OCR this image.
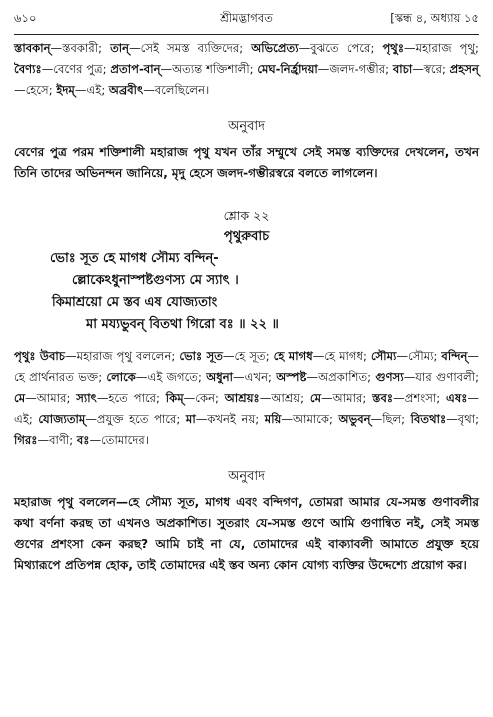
৬১০	শ্রীমদ্ভাগবত	[স্কন্ধ ৪, অধ্যায় ১৫
স্তাবকান্—স্তবকারী; তান্—সেই সমস্ত ব্যক্তিদের; অভিপ্রেত্য—বুঝতে পেরে; পৃথুঃ—মহারাজ পৃথু; বৈণ্যঃ—বেণের পুত্র; প্রতাপ-বান্—অত্যন্ত শক্তিশালী; মেঘ-নির্হ্রাদয়া—জলদ-গম্ভীর; বাচা—স্বরে; প্রহসন্—হেসে; ইদম্—এই; অব্রবীৎ—বলেছিলেন।
অনুবাদ
বেণের পুত্র পরম শক্তিশালী মহারাজ পৃথু যখন তাঁর সম্মুখে সেই সমস্ত ব্যক্তিদের দেখলেন, তখন তিনি তাদের অভিনন্দন জানিয়ে, মৃদু হেসে জলদ-গম্ভীরস্বরে বলতে লাগলেন।
শ্লোক ২২
পৃথুরুবাচ
ভোঃ সূত হে মাগধ সৌম্য বন্দিন্-
ল্লোকেঽধুনাস্পষ্টগুণস্য মে স্যাৎ ।
কিমাশ্রয়ো মে স্তব এষ যোজ্যতাং
মা ময্যভুবন্ বিতথা গিরো বঃ ॥ ২২ ॥
পৃথুঃ উবাচ—মহারাজ পৃথু বললেন; ভোঃ সূত—হে সূত; হে মাগধ—হে মাগধ; সৌম্য—সৌম্য; বন্দিন্—হে প্রার্থনারত ভক্ত; লোকে—এই জগতে; অধুনা—এখন; অস্পষ্ট—অপ্রকাশিত; গুণস্য—যার গুণাবলী; মে—আমার; স্যাৎ—হতে পারে; কিম্—কেন; আশ্রয়ঃ—আশ্রয়; মে—আমার; স্তবঃ—প্রশংসা; এষঃ—এই; যোজ্যতাম্—প্রযুক্ত হতে পারে; মা—কখনই নয়; ময়ি—আমাকে; অভুবন্—ছিল; বিতথাঃ—বৃথা; গিরঃ—বাণী; বঃ—তোমাদের।
অনুবাদ
মহারাজ পৃথু বললেন—হে সৌম্য সূত, মাগধ এবং বন্দিগণ, তোমরা আমার যে-সমস্ত গুণাবলীর কথা বর্ণনা করছ তা এখনও অপ্রকাশিত। সুতরাং যে-সমস্ত গুণে আমি গুণান্বিত নই, সেই সমস্ত গুণের প্রশংসা কেন করছ? আমি চাই না যে, তোমাদের এই বাক্যাবলী আমাতে প্রযুক্ত হয়ে মিথ্যারূপে প্রতিপন্ন হোক, তাই তোমাদের এই স্তব অন্য কোন যোগ্য ব্যক্তির উদ্দেশ্যে প্রয়োগ কর।
